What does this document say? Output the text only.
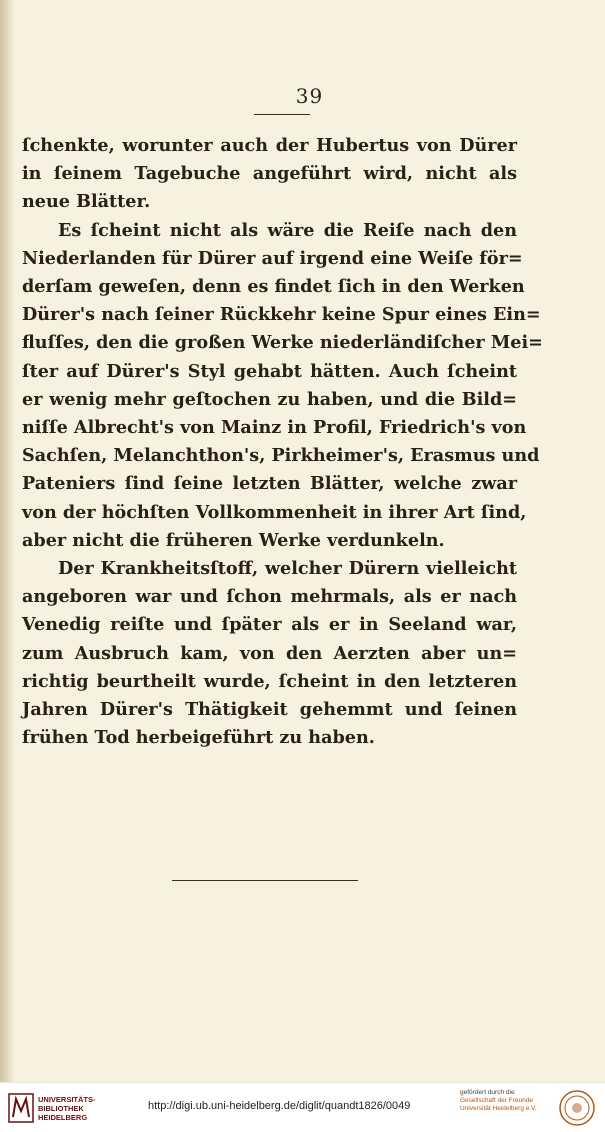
39
ſchenkte, worunter auch der Hubertus von Dürer
in ſeinem Tagebuche angeführt wird, nicht als
neue Blätter.
Es ſcheint nicht als wäre die Reiſe nach den
Niederlanden für Dürer auf irgend eine Weiſe för=
derſam geweſen, denn es findet ſich in den Werken
Dürer's nach ſeiner Rückkehr keine Spur eines Ein=
fluſſes, den die großen Werke niederländiſcher Mei=
ſter auf Dürer's Styl gehabt hätten. Auch ſcheint
er wenig mehr geſtochen zu haben, und die Bild=
niſſe Albrecht's von Mainz in Profil, Friedrich's von
Sachſen, Melanchthon's, Pirkheimer's, Erasmus und
Pateniers ſind ſeine letzten Blätter, welche zwar
von der höchſten Vollkommenheit in ihrer Art ſind,
aber nicht die früheren Werke verdunkeln.
Der Krankheitsſtoff, welcher Dürern vielleicht
angeboren war und ſchon mehrmals, als er nach
Venedig reiſte und ſpäter als er in Seeland war,
zum Ausbruch kam, von den Aerzten aber un=
richtig beurtheilt wurde, ſcheint in den letzteren
Jahren Dürer's Thätigkeit gehemmt und ſeinen
frühen Tod herbeigeführt zu haben.
UNIVERSITÄTS-
BIBLIOTHEK
HEIDELBERG
http://digi.ub.uni-heidelberg.de/diglit/quandt1826/0049
gefördert durch die
Gesellschaft der Freunde
Universität Heidelberg e.V.
